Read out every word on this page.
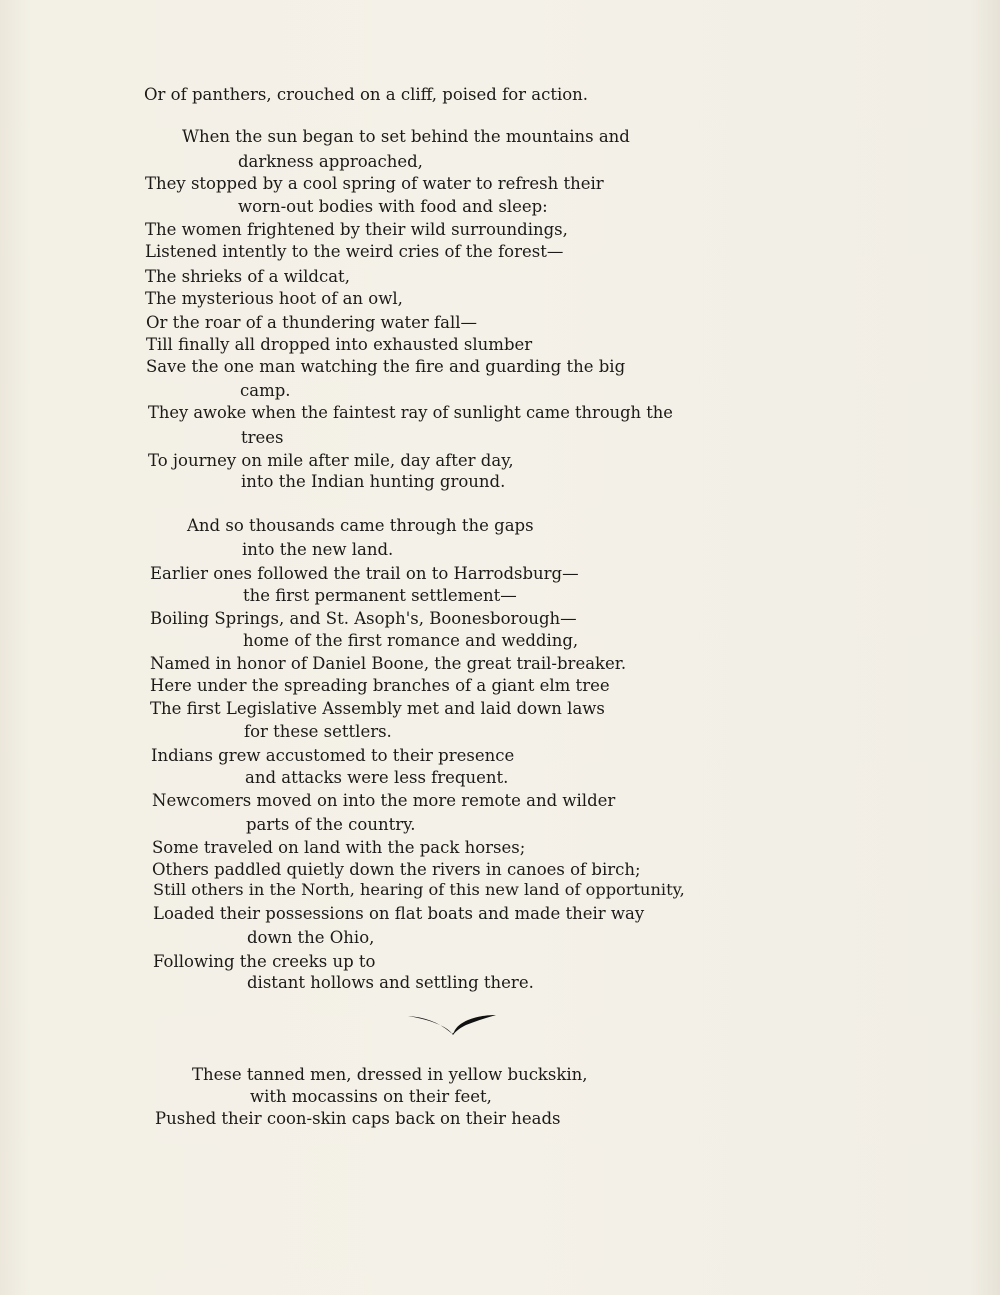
Or of panthers, crouched on a cliff, poised for action.

When the sun began to set behind the mountains and

darkness approached,

They stopped by a cool spring of water to refresh their

worn-out bodies with food and sleep:

The women frightened by their wild surroundings,

Listened intently to the weird cries of the forest—

The shrieks of a wildcat,

The mysterious hoot of an owl,

Or the roar of a thundering water fall—

Till finally all dropped into exhausted slumber

Save the one man watching the fire and guarding the big

camp.

They awoke when the faintest ray of sunlight came through the

trees

To journey on mile after mile, day after day,

into the Indian hunting ground.

And so thousands came through the gaps

into the new land.

Earlier ones followed the trail on to Harrodsburg—

the first permanent settlement—

Boiling Springs, and St. Asoph's, Boonesborough—

home of the first romance and wedding,

Named in honor of Daniel Boone, the great trail-breaker.

Here under the spreading branches of a giant elm tree

The first Legislative Assembly met and laid down laws

for these settlers.

Indians grew accustomed to their presence

and attacks were less frequent.

Newcomers moved on into the more remote and wilder

parts of the country.

Some traveled on land with the pack horses;

Others paddled quietly down the rivers in canoes of birch;

Still others in the North, hearing of this new land of opportunity,

Loaded their possessions on flat boats and made their way

down the Ohio,

Following the creeks up to

distant hollows and settling there.

These tanned men, dressed in yellow buckskin,

with mocassins on their feet,

Pushed their coon-skin caps back on their heads
